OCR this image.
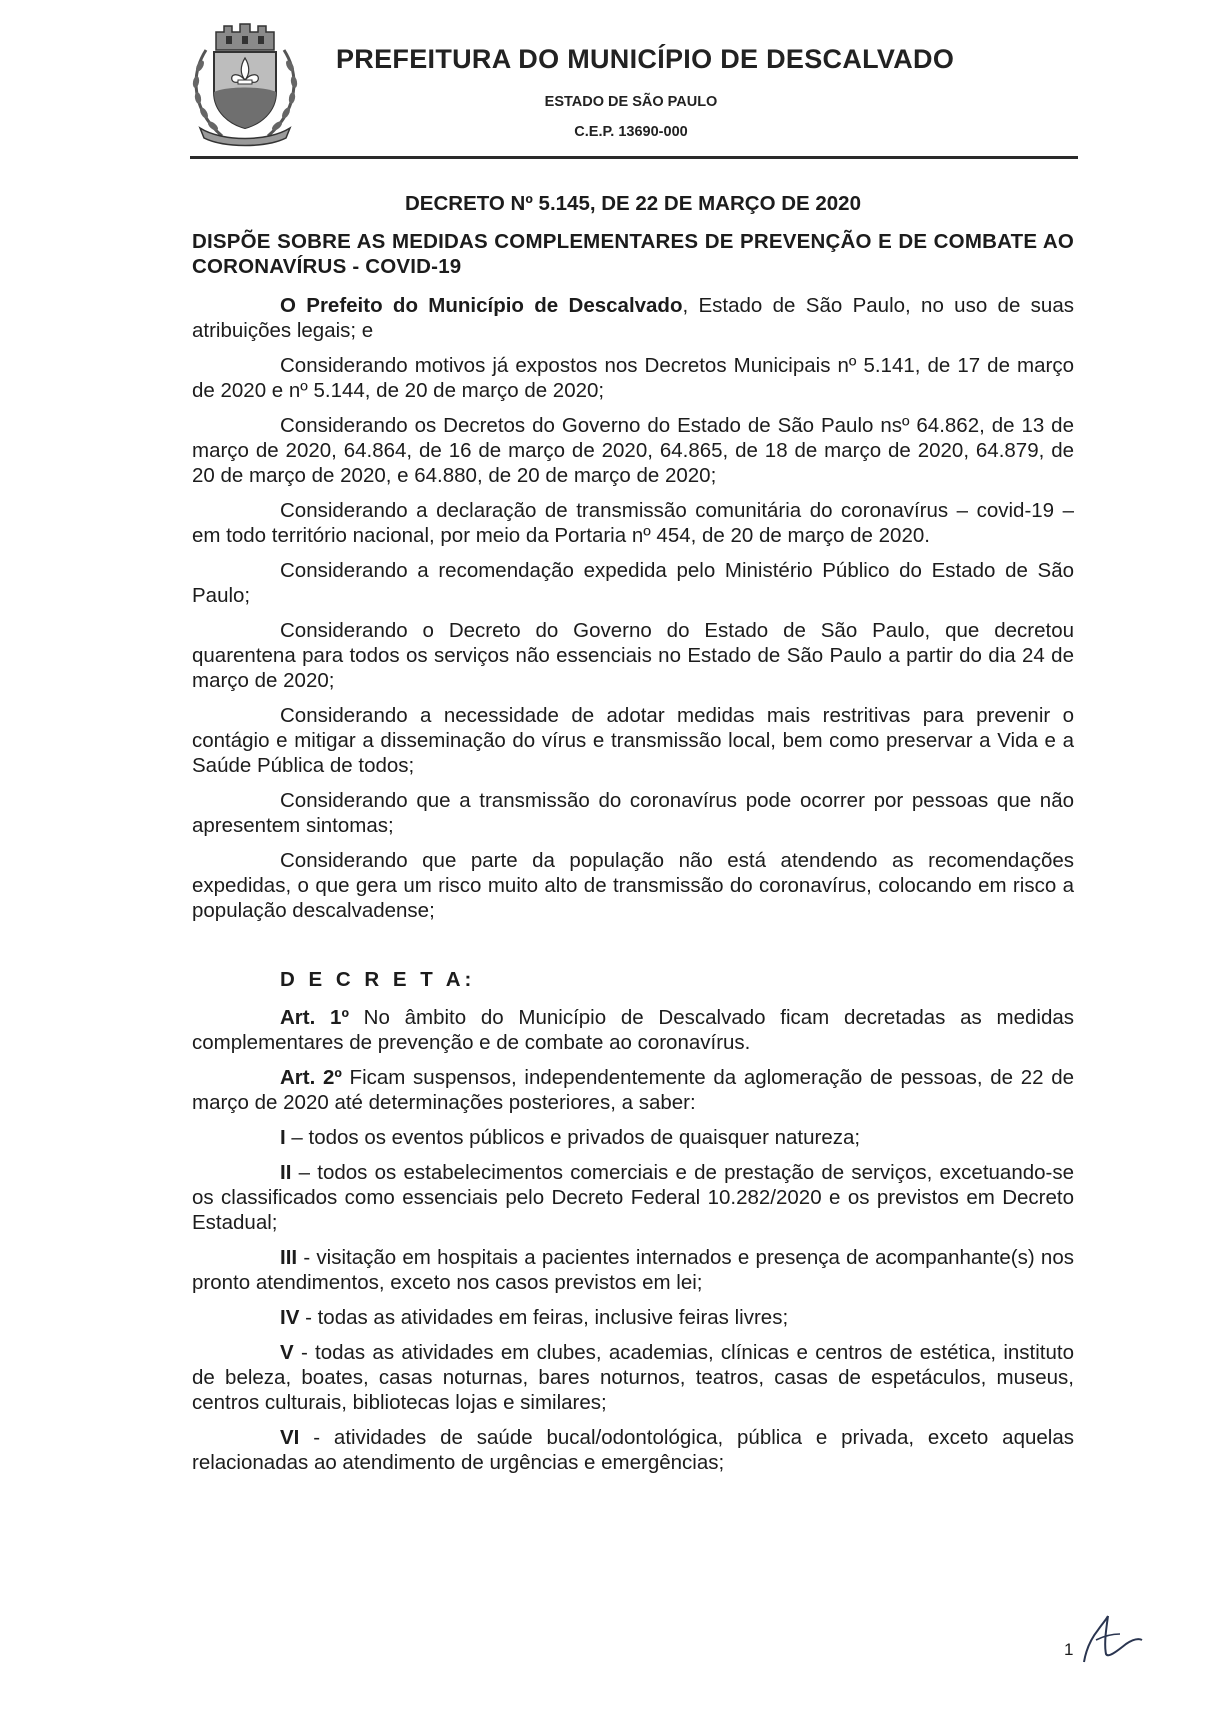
PREFEITURA DO MUNICÍPIO DE DESCALVADO
ESTADO DE SÃO PAULO
C.E.P. 13690-000

DECRETO Nº 5.145, DE 22 DE MARÇO DE 2020

DISPÕE SOBRE AS MEDIDAS COMPLEMENTARES DE PREVENÇÃO E DE COMBATE AO CORONAVÍRUS - COVID-19

O Prefeito do Município de Descalvado, Estado de São Paulo, no uso de suas atribuições legais; e

Considerando motivos já expostos nos Decretos Municipais nº 5.141, de 17 de março de 2020 e nº 5.144, de 20 de março de 2020;

Considerando os Decretos do Governo do Estado de São Paulo nsº 64.862, de 13 de março de 2020, 64.864, de 16 de março de 2020, 64.865, de 18 de março de 2020, 64.879, de 20 de março de 2020, e 64.880, de 20 de março de 2020;

Considerando a declaração de transmissão comunitária do coronavírus – covid-19 – em todo território nacional, por meio da Portaria nº 454, de 20 de março de 2020.

Considerando a recomendação expedida pelo Ministério Público do Estado de São Paulo;

Considerando o Decreto do Governo do Estado de São Paulo, que decretou quarentena para todos os serviços não essenciais no Estado de São Paulo a partir do dia 24 de março de 2020;

Considerando a necessidade de adotar medidas mais restritivas para prevenir o contágio e mitigar a disseminação do vírus e transmissão local, bem como preservar a Vida e a Saúde Pública de todos;

Considerando que a transmissão do coronavírus pode ocorrer por pessoas que não apresentem sintomas;

Considerando que parte da população não está atendendo as recomendações expedidas, o que gera um risco muito alto de transmissão do coronavírus, colocando em risco a população descalvadense;

D E C R E T A:

Art. 1º No âmbito do Município de Descalvado ficam decretadas as medidas complementares de prevenção e de combate ao coronavírus.

Art. 2º Ficam suspensos, independentemente da aglomeração de pessoas, de 22 de março de 2020 até determinações posteriores, a saber:

I – todos os eventos públicos e privados de quaisquer natureza;

II – todos os estabelecimentos comerciais e de prestação de serviços, excetuando-se os classificados como essenciais pelo Decreto Federal 10.282/2020 e os previstos em Decreto Estadual;

III - visitação em hospitais a pacientes internados e presença de acompanhante(s) nos pronto atendimentos, exceto nos casos previstos em lei;

IV - todas as atividades em feiras, inclusive feiras livres;

V - todas as atividades em clubes, academias, clínicas e centros de estética, instituto de beleza, boates, casas noturnas, bares noturnos, teatros, casas de espetáculos, museus, centros culturais, bibliotecas lojas e similares;

VI - atividades de saúde bucal/odontológica, pública e privada, exceto aquelas relacionadas ao atendimento de urgências e emergências;

1
